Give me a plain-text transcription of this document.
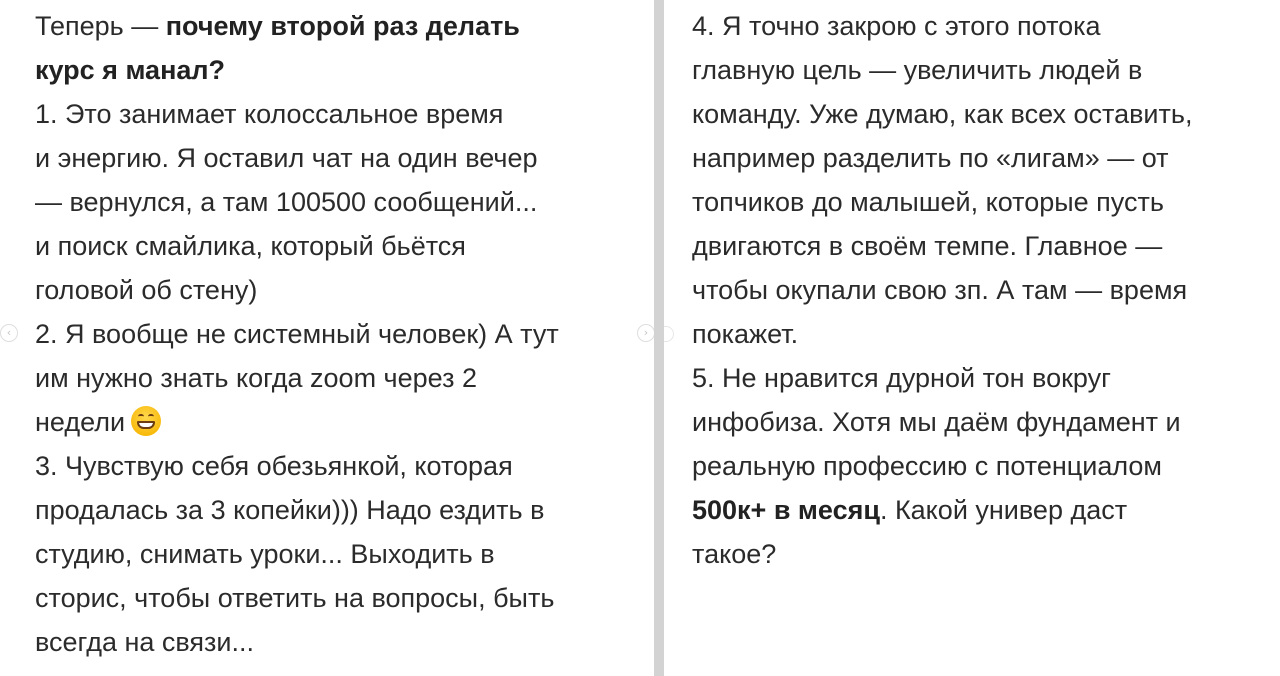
Теперь — почему второй раз делать
курс я манал?
1. Это занимает колоссальное время
и энергию. Я оставил чат на один вечер
— вернулся, а там 100500 сообщений...
и поиск смайлика, который бьётся
головой об стену)
2. Я вообще не системный человек) А тут
им нужно знать когда zoom через 2
недели
3. Чувствую себя обезьянкой, которая
продалась за 3 копейки))) Надо ездить в
студию, снимать уроки... Выходить в
сторис, чтобы ответить на вопросы, быть
всегда на связи...
‹	›
4. Я точно закрою с этого потока
главную цель — увеличить людей в
команду. Уже думаю, как всех оставить,
например разделить по «лигам» — от
топчиков до малышей, которые пусть
двигаются в своём темпе. Главное —
чтобы окупали свою зп. А там — время
покажет.
5. Не нравится дурной тон вокруг
инфобиза. Хотя мы даём фундамент и
реальную профессию с потенциалом
500к+ в месяц. Какой универ даст
такое?
